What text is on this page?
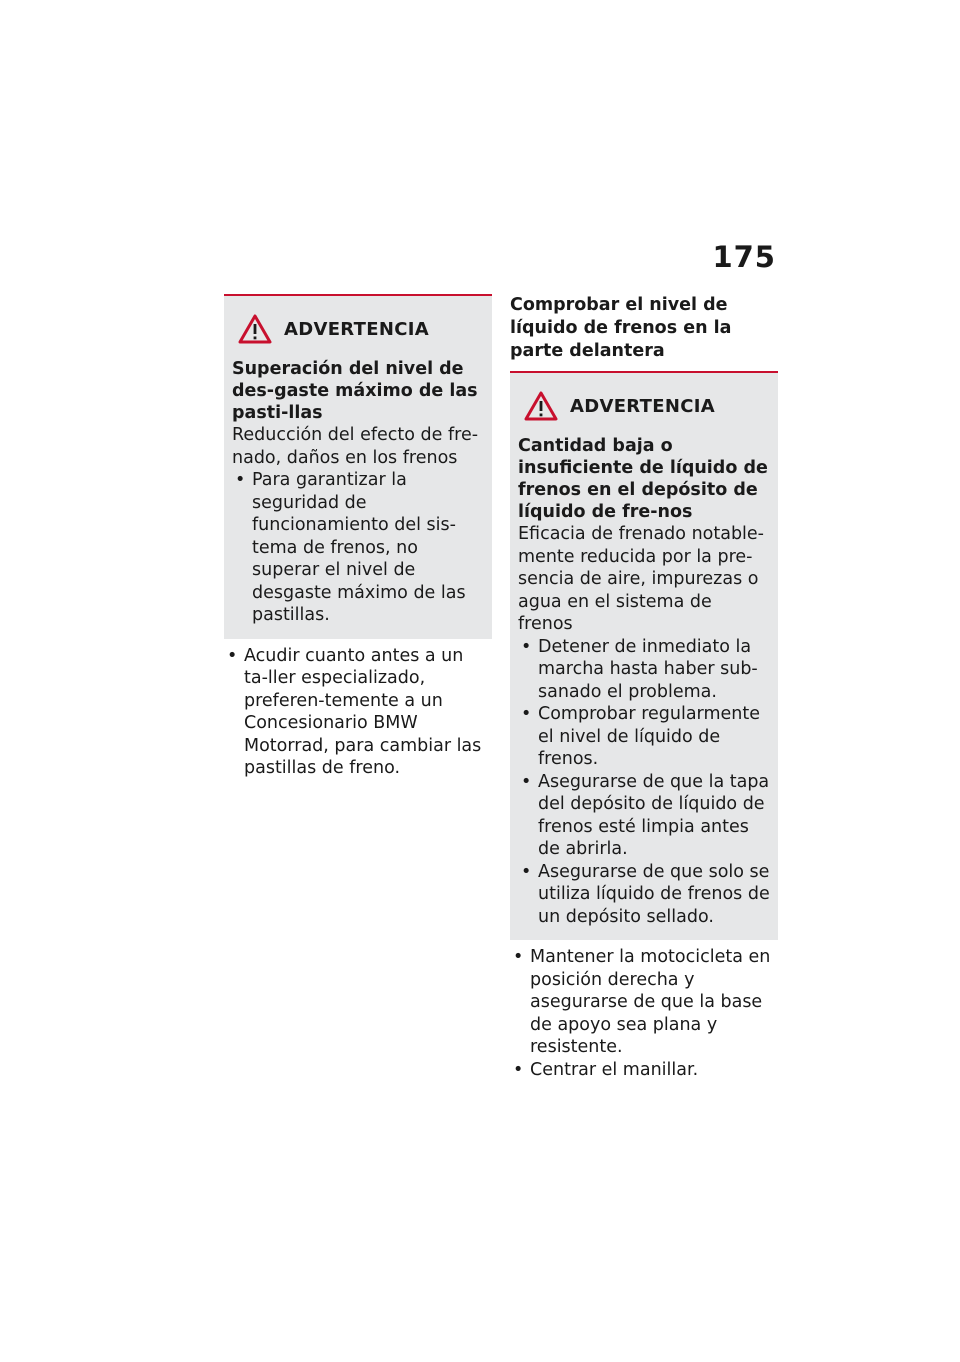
175
ADVERTENCIA
Superación del nivel de des-gaste máximo de las pasti-llas
Reducción del efecto de fre-nado, daños en los frenos
• Para garantizar la seguridad de funcionamiento del sis-tema de frenos, no superar el nivel de desgaste máximo de las pastillas.
• Acudir cuanto antes a un ta-ller especializado, preferen-temente a un Concesionario BMW Motorrad, para cambiar las pastillas de freno.
Comprobar el nivel de líquido de frenos en la parte delantera
ADVERTENCIA
Cantidad baja o insuficiente de líquido de frenos en el depósito de líquido de fre-nos
Eficacia de frenado notable-mente reducida por la pre-sencia de aire, impurezas o agua en el sistema de frenos
• Detener de inmediato la marcha hasta haber sub-sanado el problema.
• Comprobar regularmente el nivel de líquido de frenos.
• Asegurarse de que la tapa del depósito de líquido de frenos esté limpia antes de abrirla.
• Asegurarse de que solo se utiliza líquido de frenos de un depósito sellado.
• Mantener la motocicleta en posición derecha y asegurarse de que la base de apoyo sea plana y resistente.
• Centrar el manillar.
